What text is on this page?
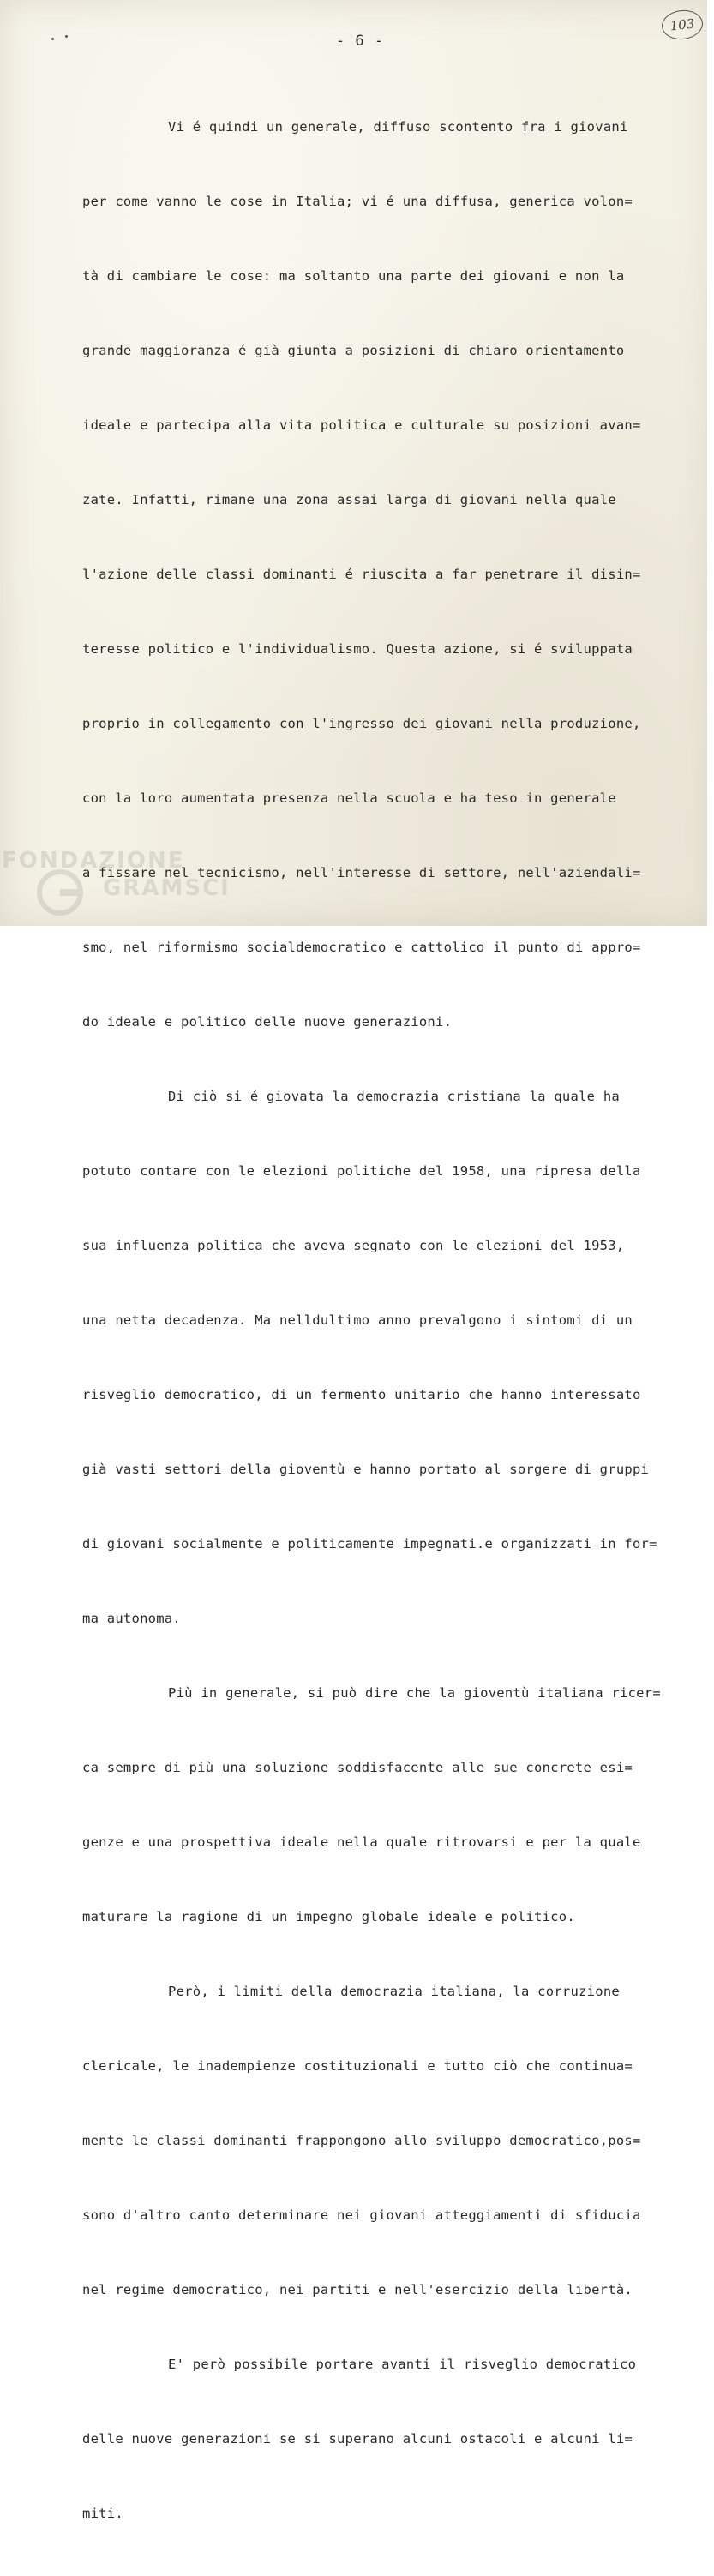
- 6 -
103

Vi é quindi un generale, diffuso scontento fra i giovani

per come vanno le cose in Italia; vi é una diffusa, generica volon=

tà di cambiare le cose: ma soltanto una parte dei giovani e non la

grande maggioranza é già giunta a posizioni di chiaro orientamento

ideale e partecipa alla vita politica e culturale su posizioni avan=

zate. Infatti, rimane una zona assai larga di giovani nella quale

l'azione delle classi dominanti é riuscita a far penetrare il disin=

teresse politico e l'individualismo. Questa azione, si é sviluppata

proprio in collegamento con l'ingresso dei giovani nella produzione,

con la loro aumentata presenza nella scuola e ha teso in generale

a fissare nel tecnicismo, nell'interesse di settore, nell'aziendali=

smo, nel riformismo socialdemocratico e cattolico il punto di appro=

do ideale e politico delle nuove generazioni.

Di ciò si é giovata la democrazia cristiana la quale ha

potuto contare con le elezioni politiche del 1958, una ripresa della

sua influenza politica che aveva segnato con le elezioni del 1953,

una netta decadenza. Ma nelldultimo anno prevalgono i sintomi di un

risveglio democratico, di un fermento unitario che hanno interessato

già vasti settori della gioventù e hanno portato al sorgere di gruppi

di giovani socialmente e politicamente impegnati.e organizzati in for=

ma autonoma.

Più in generale, si può dire che la gioventù italiana ricer=

ca sempre di più una soluzione soddisfacente alle sue concrete esi=

genze e una prospettiva ideale nella quale ritrovarsi e per la quale

maturare la ragione di un impegno globale ideale e politico.

Però, i limiti della democrazia italiana, la corruzione

clericale, le inadempienze costituzionali e tutto ciò che continua=

mente le classi dominanti frappongono allo sviluppo democratico,pos=

sono d'altro canto determinare nei giovani atteggiamenti di sfiducia

nel regime democratico, nei partiti e nell'esercizio della libertà.

E' però possibile portare avanti il risveglio democratico

delle nuove generazioni se si superano alcuni ostacoli e alcuni li=

miti.

FONDAZIONE
GRAMSCI
